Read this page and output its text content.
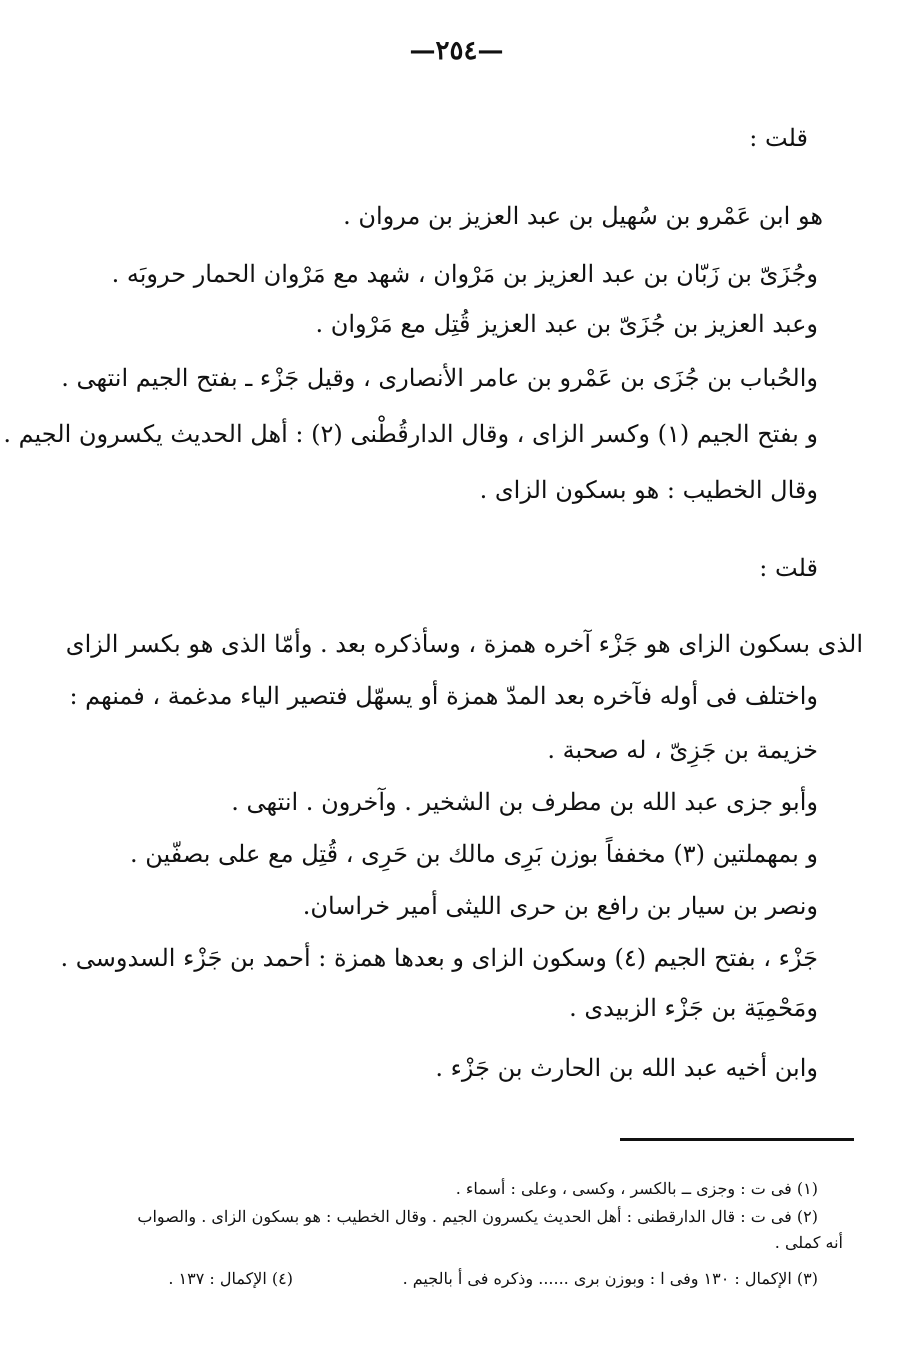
—٢٥٤—
قلت :
هو ابن عَمْرو بن سُهيل بن عبد العزيز بن مروان .
وجُزَىّ بن زَبّان بن عبد العزيز بن مَرْوان ، شهد مع مَرْوان الحمار حروبَه .
وعبد العزيز بن جُزَىّ بن عبد العزيز قُتِل مع مَرْوان .
والحُباب بن جُزَى بن عَمْرو بن عامر الأنصارى ، وقيل جَزْء ـ بفتح الجيم انتهى .
و بفتح الجيم (١) وكسر الزاى ، وقال الدارقُطْنى (٢) : أهل الحديث يكسرون الجيم .
وقال الخطيب : هو بسكون الزاى .
قلت :
الذى بسكون الزاى هو جَزْء آخره همزة ، وسأذكره بعد . وأمّا الذى هو بكسر الزاى
واختلف فى أوله فآخره بعد المدّ همزة أو يسهّل فتصير الياء مدغمة ، فمنهم :
خزيمة بن جَزِىّ ، له صحبة .
وأبو جزى عبد الله بن مطرف بن الشخير . وآخرون . انتهى .
و بمهملتين (٣) مخففاً بوزن بَرِى مالك بن حَرِى ، قُتِل مع على بصفّين .
ونصر بن سيار بن رافع بن حرى الليثى أمير خراسان.
جَزْء ، بفتح الجيم (٤) وسكون الزاى و بعدها همزة : أحمد بن جَزْء السدوسى .
ومَحْمِيَة بن جَزْء الزبيدى .
وابن أخيه عبد الله بن الحارث بن جَزْء .
(١) فى ت : وجزى ــ بالكسر ، وكسى ، وعلى : أسماء .
(٢) فى ت : قال الدارقطنى : أهل الحديث يكسرون الجيم . وقال الخطيب : هو بسكون الزاى . والصواب
أنه كملى .
(٣) الإكمال : ١٣٠ وفى ا : وبوزن برى ...... وذكره فى أ بالجيم .
(٤) الإكمال : ١٣٧ .
